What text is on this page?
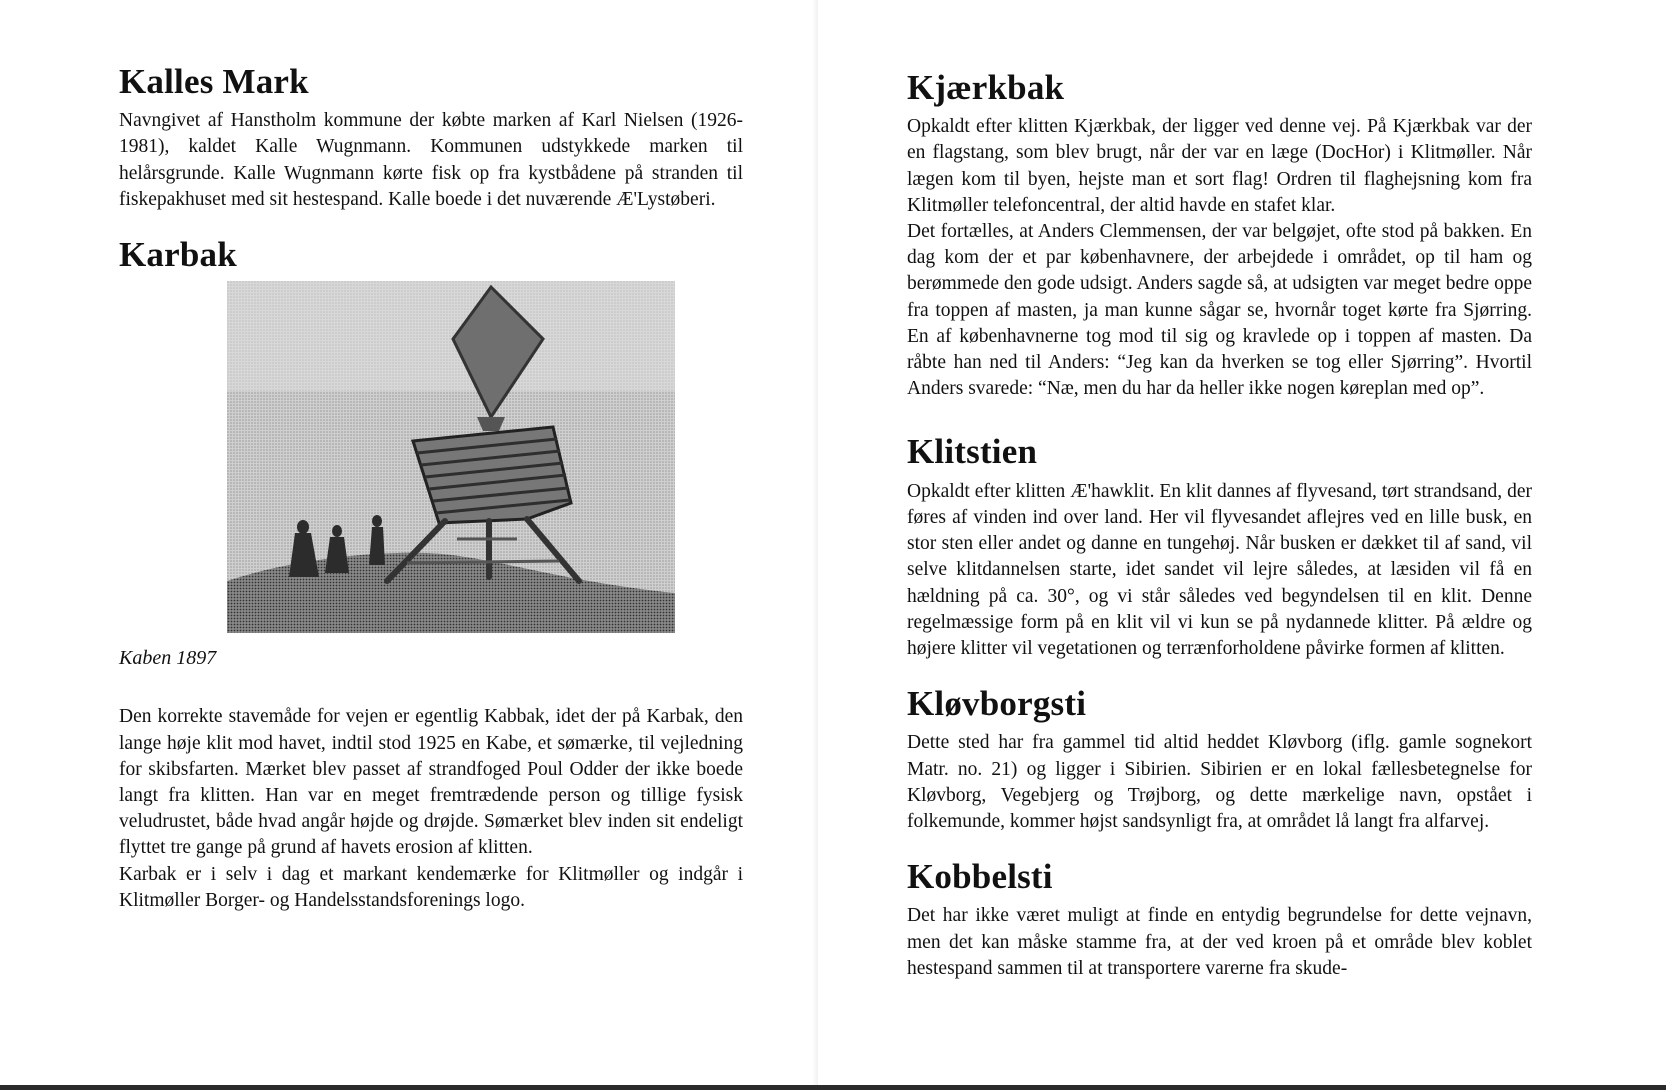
Kalles Mark

Navngivet af Hanstholm kommune der købte marken af Karl Nielsen (1926-1981), kaldet Kalle Wugnmann. Kommunen udstykkede marken til helårsgrunde. Kalle Wugnmann kørte fisk op fra kystbådene på stranden til fiskepakhuset med sit hestespand. Kalle boede i det nuværende Æ'Lystøberi.

Karbak
Kaben 1897

Den korrekte stavemåde for vejen er egentlig Kabbak, idet der på Karbak, den lange høje klit mod havet, indtil stod 1925 en Kabe, et sømærke, til vejledning for skibsfarten. Mærket blev passet af strandfoged Poul Odder der ikke boede langt fra klitten. Han var en meget fremtrædende person og tillige fysisk veludrustet, både hvad angår højde og drøjde. Sømærket blev inden sit endeligt flyttet tre gange på grund af havets erosion af klitten.

Karbak er i selv i dag et markant kendemærke for Klitmøller og indgår i Klitmøller Borger- og Handelsstandsforenings logo.

Kjærkbak

Opkaldt efter klitten Kjærkbak, der ligger ved denne vej. På Kjærkbak var der en flagstang, som blev brugt, når der var en læge (DocHor) i Klitmøller. Når lægen kom til byen, hejste man et sort flag! Ordren til flaghejsning kom fra Klitmøller telefoncentral, der altid havde en stafet klar.

Det fortælles, at Anders Clemmensen, der var belgøjet, ofte stod på bakken. En dag kom der et par københavnere, der arbejdede i området, op til ham og berømmede den gode udsigt. Anders sagde så, at udsigten var meget bedre oppe fra toppen af masten, ja man kunne sågar se, hvornår toget kørte fra Sjørring. En af københavnerne tog mod til sig og kravlede op i toppen af masten. Da råbte han ned til Anders: “Jeg kan da hverken se tog eller Sjørring”. Hvortil Anders svarede: “Næ, men du har da heller ikke nogen køreplan med op”.

Klitstien

Opkaldt efter klitten Æ'hawklit. En klit dannes af flyvesand, tørt strandsand, der føres af vinden ind over land. Her vil flyvesandet aflejres ved en lille busk, en stor sten eller andet og danne en tungehøj. Når busken er dækket til af sand, vil selve klitdannelsen starte, idet sandet vil lejre således, at læsiden vil få en hældning på ca. 30°, og vi står således ved begyndelsen til en klit. Denne regelmæssige form på en klit vil vi kun se på nydannede klitter. På ældre og højere klitter vil vegetationen og terrænforholdene påvirke formen af klitten.

Kløvborgsti

Dette sted har fra gammel tid altid heddet Kløvborg (iflg. gamle sognekort Matr. no. 21) og ligger i Sibirien. Sibirien er en lokal fællesbetegnelse for Kløvborg, Vegebjerg og Trøjborg, og dette mærkelige navn, opstået i folkemunde, kommer højst sandsynligt fra, at området lå langt fra alfarvej.

Kobbelsti

Det har ikke været muligt at finde en entydig begrundelse for dette vejnavn, men det kan måske stamme fra, at der ved kroen på et område blev koblet hestespand sammen til at transportere varerne fra skude-
